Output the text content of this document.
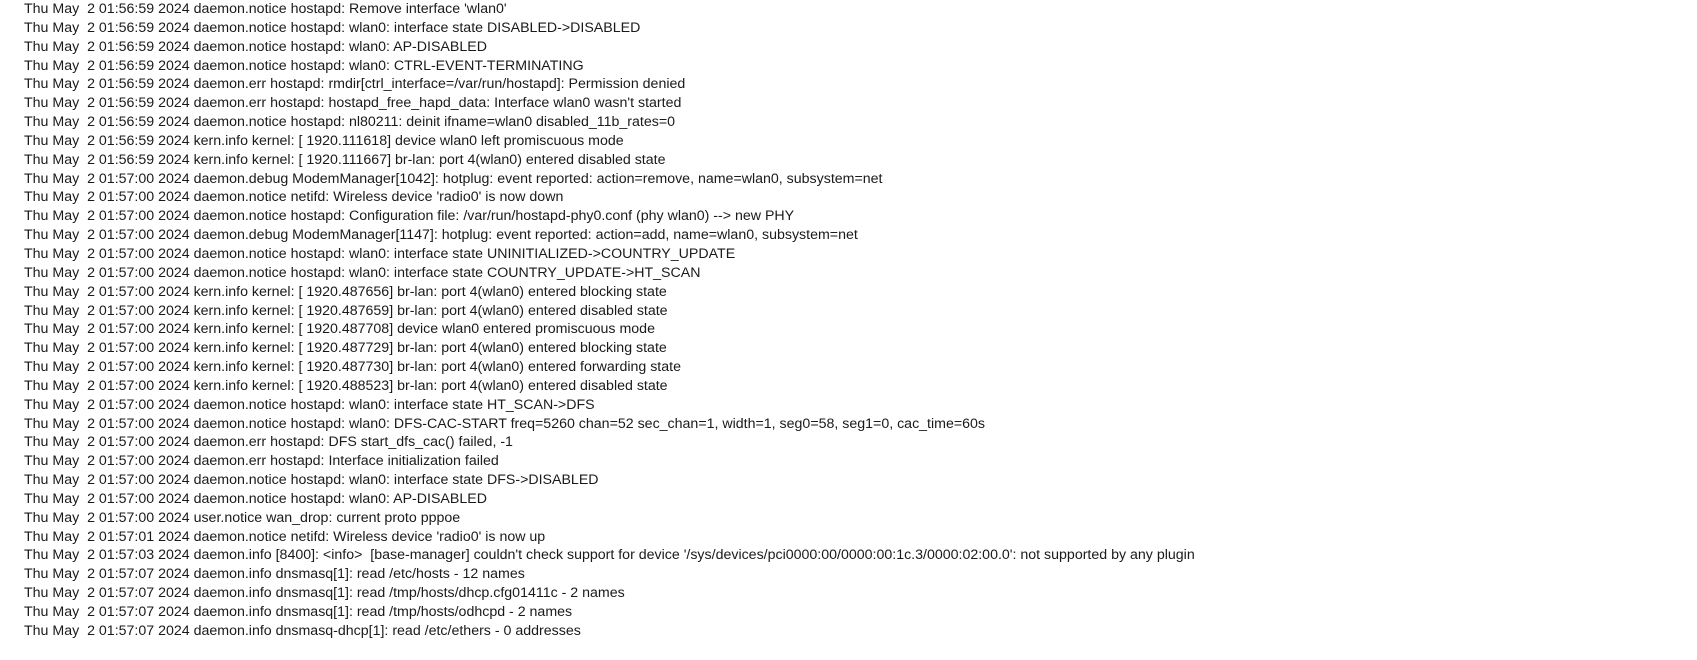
Thu May  2 01:56:59 2024 daemon.notice hostapd: Remove interface 'wlan0'
Thu May  2 01:56:59 2024 daemon.notice hostapd: wlan0: interface state DISABLED->DISABLED
Thu May  2 01:56:59 2024 daemon.notice hostapd: wlan0: AP-DISABLED
Thu May  2 01:56:59 2024 daemon.notice hostapd: wlan0: CTRL-EVENT-TERMINATING
Thu May  2 01:56:59 2024 daemon.err hostapd: rmdir[ctrl_interface=/var/run/hostapd]: Permission denied
Thu May  2 01:56:59 2024 daemon.err hostapd: hostapd_free_hapd_data: Interface wlan0 wasn't started
Thu May  2 01:56:59 2024 daemon.notice hostapd: nl80211: deinit ifname=wlan0 disabled_11b_rates=0
Thu May  2 01:56:59 2024 kern.info kernel: [ 1920.111618] device wlan0 left promiscuous mode
Thu May  2 01:56:59 2024 kern.info kernel: [ 1920.111667] br-lan: port 4(wlan0) entered disabled state
Thu May  2 01:57:00 2024 daemon.debug ModemManager[1042]: hotplug: event reported: action=remove, name=wlan0, subsystem=net
Thu May  2 01:57:00 2024 daemon.notice netifd: Wireless device 'radio0' is now down
Thu May  2 01:57:00 2024 daemon.notice hostapd: Configuration file: /var/run/hostapd-phy0.conf (phy wlan0) --> new PHY
Thu May  2 01:57:00 2024 daemon.debug ModemManager[1147]: hotplug: event reported: action=add, name=wlan0, subsystem=net
Thu May  2 01:57:00 2024 daemon.notice hostapd: wlan0: interface state UNINITIALIZED->COUNTRY_UPDATE
Thu May  2 01:57:00 2024 daemon.notice hostapd: wlan0: interface state COUNTRY_UPDATE->HT_SCAN
Thu May  2 01:57:00 2024 kern.info kernel: [ 1920.487656] br-lan: port 4(wlan0) entered blocking state
Thu May  2 01:57:00 2024 kern.info kernel: [ 1920.487659] br-lan: port 4(wlan0) entered disabled state
Thu May  2 01:57:00 2024 kern.info kernel: [ 1920.487708] device wlan0 entered promiscuous mode
Thu May  2 01:57:00 2024 kern.info kernel: [ 1920.487729] br-lan: port 4(wlan0) entered blocking state
Thu May  2 01:57:00 2024 kern.info kernel: [ 1920.487730] br-lan: port 4(wlan0) entered forwarding state
Thu May  2 01:57:00 2024 kern.info kernel: [ 1920.488523] br-lan: port 4(wlan0) entered disabled state
Thu May  2 01:57:00 2024 daemon.notice hostapd: wlan0: interface state HT_SCAN->DFS
Thu May  2 01:57:00 2024 daemon.notice hostapd: wlan0: DFS-CAC-START freq=5260 chan=52 sec_chan=1, width=1, seg0=58, seg1=0, cac_time=60s
Thu May  2 01:57:00 2024 daemon.err hostapd: DFS start_dfs_cac() failed, -1
Thu May  2 01:57:00 2024 daemon.err hostapd: Interface initialization failed
Thu May  2 01:57:00 2024 daemon.notice hostapd: wlan0: interface state DFS->DISABLED
Thu May  2 01:57:00 2024 daemon.notice hostapd: wlan0: AP-DISABLED
Thu May  2 01:57:00 2024 user.notice wan_drop: current proto pppoe
Thu May  2 01:57:01 2024 daemon.notice netifd: Wireless device 'radio0' is now up
Thu May  2 01:57:03 2024 daemon.info [8400]: <info>  [base-manager] couldn't check support for device '/sys/devices/pci0000:00/0000:00:1c.3/0000:02:00.0': not supported by any plugin
Thu May  2 01:57:07 2024 daemon.info dnsmasq[1]: read /etc/hosts - 12 names
Thu May  2 01:57:07 2024 daemon.info dnsmasq[1]: read /tmp/hosts/dhcp.cfg01411c - 2 names
Thu May  2 01:57:07 2024 daemon.info dnsmasq[1]: read /tmp/hosts/odhcpd - 2 names
Thu May  2 01:57:07 2024 daemon.info dnsmasq-dhcp[1]: read /etc/ethers - 0 addresses
